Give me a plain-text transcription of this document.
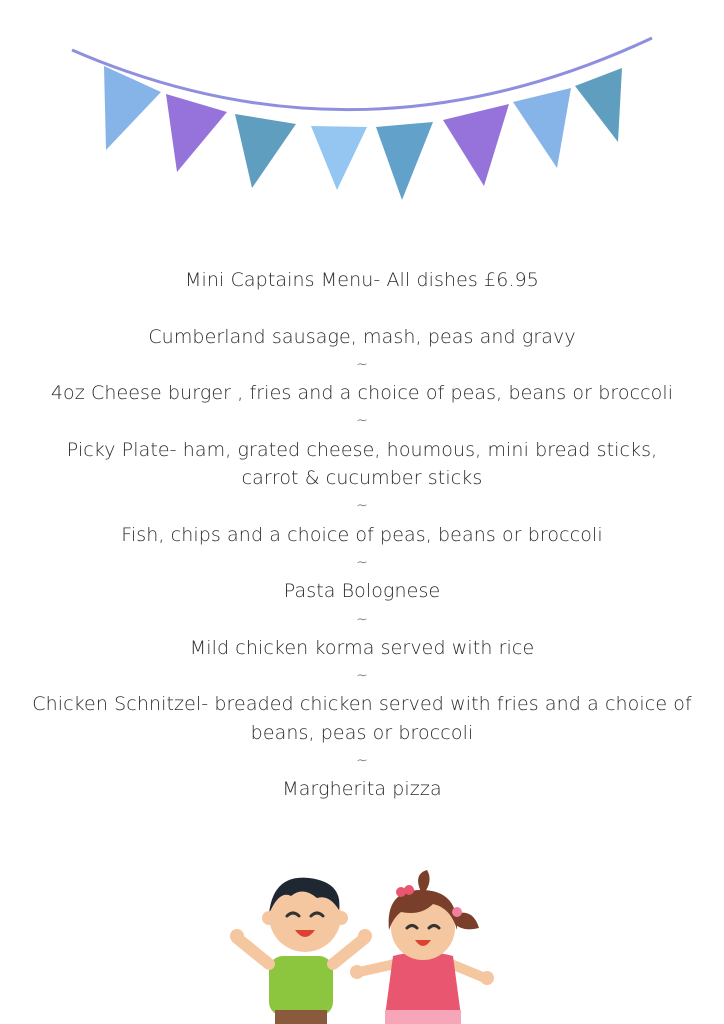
Mini Captains Menu- All dishes £6.95

Cumberland sausage, mash, peas and gravy
~
4oz Cheese burger , fries and a choice of peas, beans or broccoli
~
Picky Plate- ham, grated cheese, houmous, mini bread sticks, carrot & cucumber sticks
~
Fish, chips and a choice of peas, beans or broccoli
~
Pasta Bolognese
~
Mild chicken korma served with rice
~
Chicken Schnitzel- breaded chicken served with fries and a choice of beans, peas or broccoli
~
Margherita pizza
